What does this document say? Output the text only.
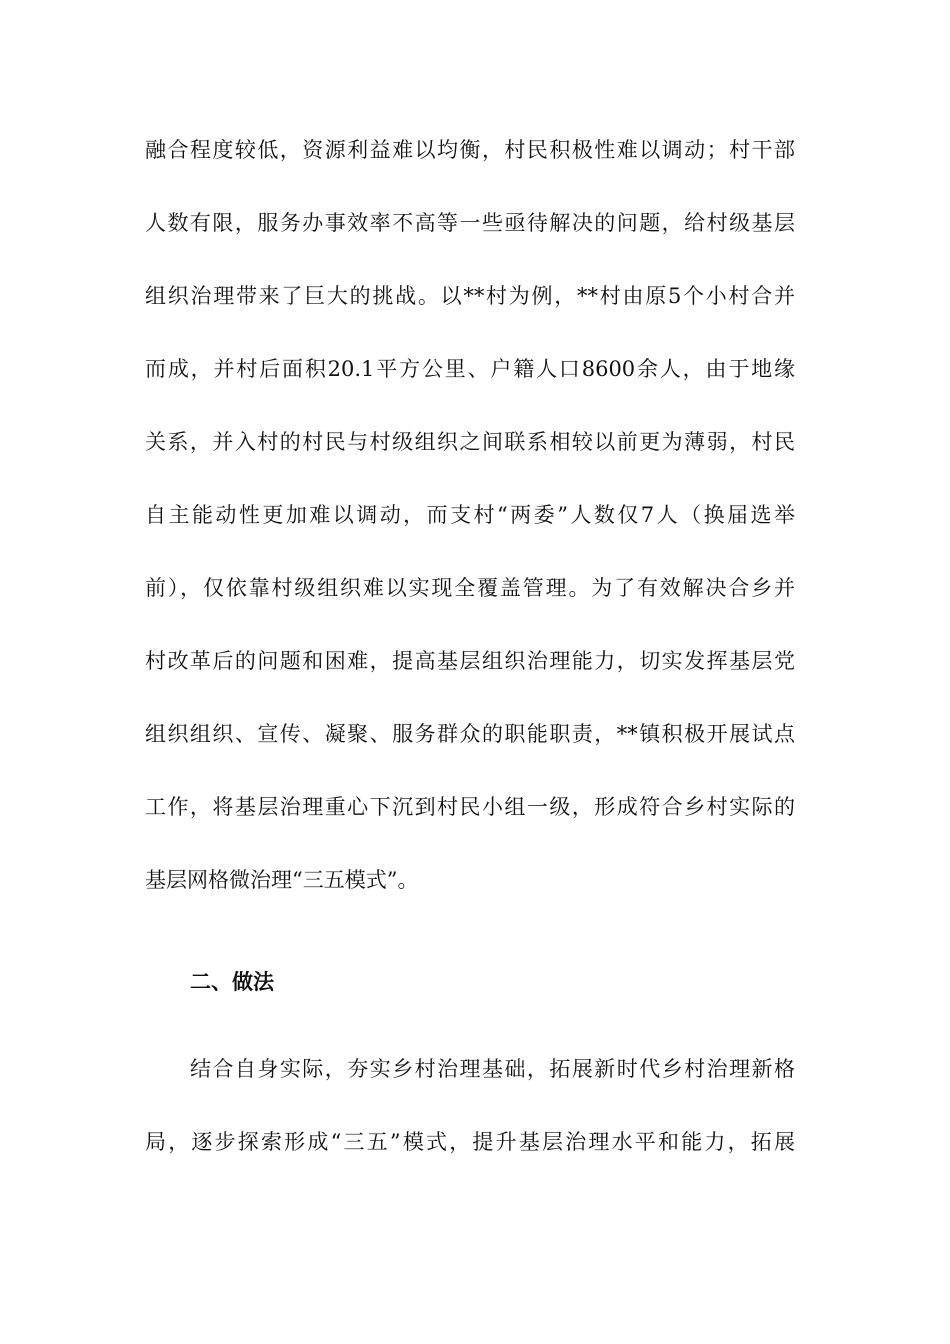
融合程度较低，资源利益难以均衡，村民积极性难以调动；村干部
人数有限，服务办事效率不高等一些亟待解决的问题，给村级基层
组织治理带来了巨大的挑战。以**村为例，**村由原5个小村合并
而成，并村后面积20.1平方公里、户籍人口8600余人，由于地缘
关系，并入村的村民与村级组织之间联系相较以前更为薄弱，村民
自主能动性更加难以调动，而支村“两委”人数仅7人（换届选举
前），仅依靠村级组织难以实现全覆盖管理。为了有效解决合乡并
村改革后的问题和困难，提高基层组织治理能力，切实发挥基层党
组织组织、宣传、凝聚、服务群众的职能职责，**镇积极开展试点
工作，将基层治理重心下沉到村民小组一级，形成符合乡村实际的
基层网格微治理“三五模式”。
二、做法
结合自身实际，夯实乡村治理基础，拓展新时代乡村治理新格
局，逐步探索形成“三五”模式，提升基层治理水平和能力，拓展
